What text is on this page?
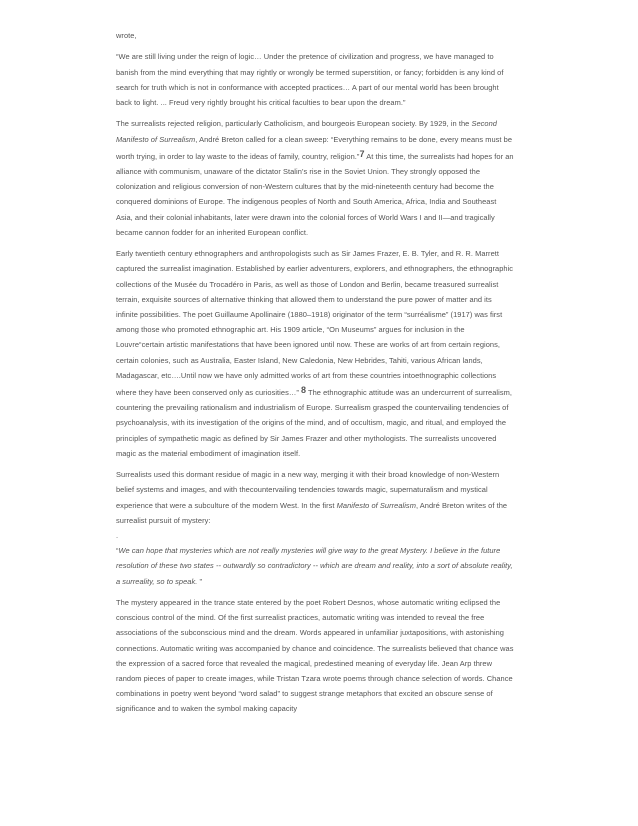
wrote,

“We are still living under the reign of logic… Under the pretence of civilization and progress, we have managed to banish from the mind everything that may rightly or wrongly be termed superstition, or fancy; forbidden is any kind of search for truth which is not in conformance with accepted practices… A part of our mental world has been brought back to light. ... Freud very rightly brought his critical faculties to bear upon the dream.”

The surrealists rejected religion, particularly Catholicism, and bourgeois European society. By 1929, in the Second Manifesto of Surrealism, André Breton called for a clean sweep: “Everything remains to be done, every means must be worth trying, in order to lay waste to the ideas of family, country, religion.”7 At this time, the surrealists had hopes for an alliance with communism, unaware of the dictator Stalin’s rise in the Soviet Union. They strongly opposed the colonization and religious conversion of non-Western cultures that by the mid-nineteenth century had become the conquered dominions of Europe. The indigenous peoples of North and South America, Africa, India and Southeast Asia, and their colonial inhabitants, later were drawn into the colonial forces of World Wars I and II—and tragically became cannon fodder for an inherited European conflict.

Early twentieth century ethnographers and anthropologists such as Sir James Frazer, E. B. Tyler, and R. R. Marrett captured the surrealist imagination. Established by earlier adventurers, explorers, and ethnographers, the ethnographic collections of the Musée du Trocadéro in Paris, as well as those of London and Berlin, became treasured surrealist terrain, exquisite sources of alternative thinking that allowed them to understand the pure power of matter and its infinite possibilities. The poet Guillaume Apollinaire (1880–1918) originator of the term “surréalisme” (1917) was first among those who promoted ethnographic art. His 1909 article, “On Museums” argues for inclusion in the Louvre“certain artistic manifestations that have been ignored until now. These are works of art from certain regions, certain colonies, such as Australia, Easter Island, New Caledonia, New Hebrides, Tahiti, various African lands, Madagascar, etc….Until now we have only admitted works of art from these countries intoethnographic collections where they have been conserved only as curiosities…” 8 The ethnographic attitude was an undercurrent of surrealism, countering the prevailing rationalism and industrialism of Europe. Surrealism grasped the countervailing tendencies of psychoanalysis, with its investigation of the origins of the mind, and of occultism, magic, and ritual, and employed the principles of sympathetic magic as defined by Sir James Frazer and other mythologists. The surrealists uncovered magic as the material embodiment of imagination itself.

Surrealists used this dormant residue of magic in a new way, merging it with their broad knowledge of non-Western belief systems and images, and with thecountervailing tendencies towards magic, supernaturalism and mystical experience that were a subculture of the modern West. In the first Manifesto of Surrealism, André Breton writes of the surrealist pursuit of mystery:

.

“We can hope that mysteries which are not really mysteries will give way to the great Mystery. I believe in the future resolution of these two states -- outwardly so contradictory -- which are dream and reality, into a sort of absolute reality, a surreality, so to speak. ”

The mystery appeared in the trance state entered by the poet Robert Desnos, whose automatic writing eclipsed the conscious control of the mind. Of the first surrealist practices, automatic writing was intended to reveal the free associations of the subconscious mind and the dream. Words appeared in unfamiliar juxtapositions, with astonishing connections. Automatic writing was accompanied by chance and coincidence. The surrealists believed that chance was the expression of a sacred force that revealed the magical, predestined meaning of everyday life. Jean Arp threw random pieces of paper to create images, while Tristan Tzara wrote poems through chance selection of words. Chance combinations in poetry went beyond “word salad” to suggest strange metaphors that excited an obscure sense of significance and to waken the symbol making capacity
